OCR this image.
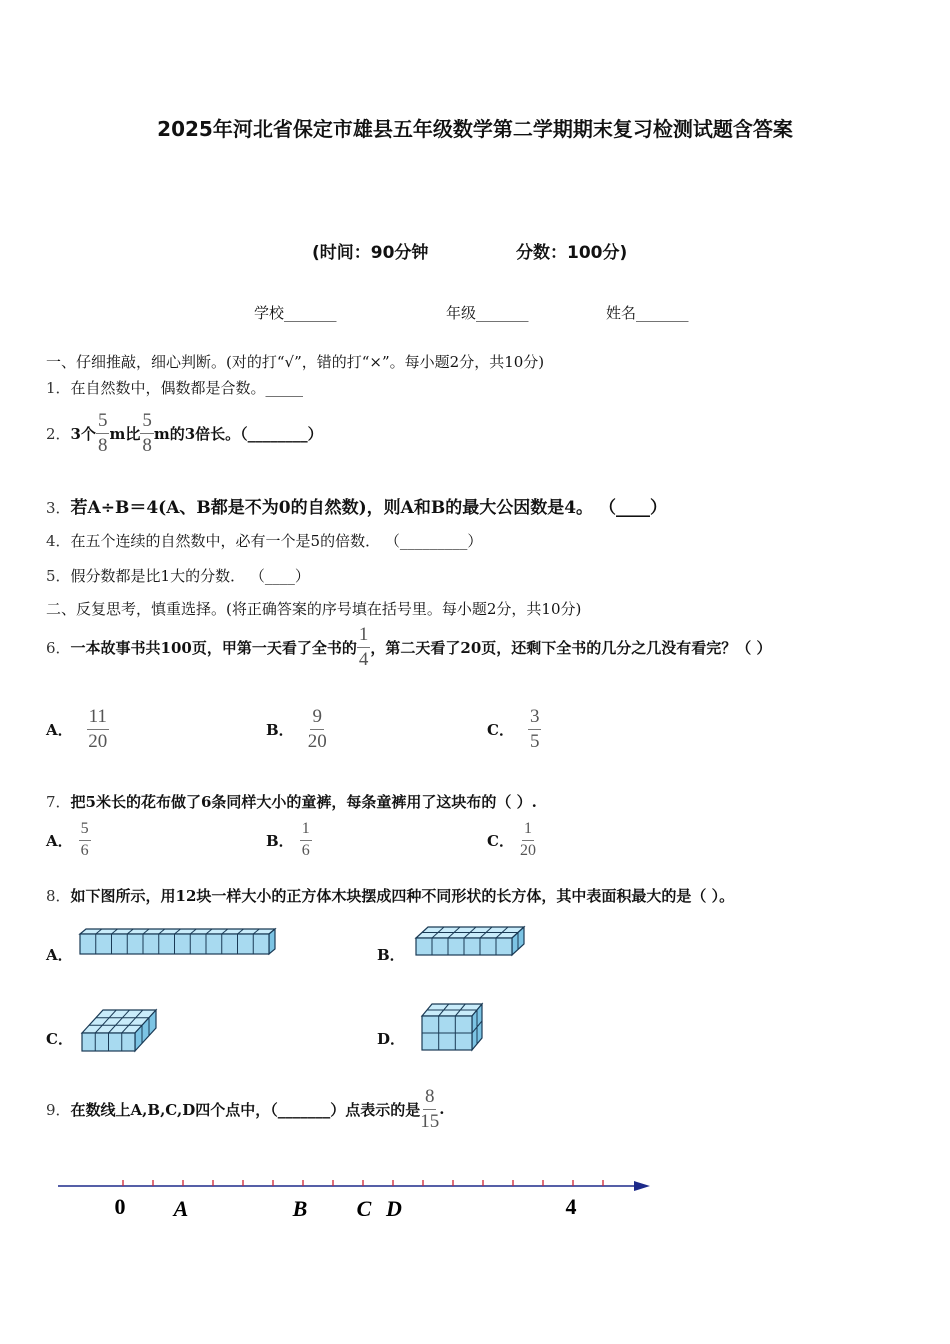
2025年河北省保定市雄县五年级数学第二学期期末复习检测试题含答案
(时间：90分钟	分数：100分)
学校_______	年级_______	姓名_______
一、仔细推敲，细心判断。(对的打“√”，错的打“×”。每小题2分，共10分)
1．在自然数中，偶数都是合数。_____
2． 3个 $\frac{5}{8}$ m比 $\frac{5}{8}$ m的3倍长。（________）
3．若A÷B＝4(A、B都是不为0的自然数)，则A和B的最大公因数是4。 （____）
4．在五个连续的自然数中，必有一个是5的倍数． （_________）
5．假分数都是比1大的分数． （____）
二、反复思考，慎重选择。(将正确答案的序号填在括号里。每小题2分，共10分)
6． 一本故事书共100页，甲第一天看了全书的 $\frac{1}{4}$ ，第二天看了20页，还剩下全书的几分之几没有看完？（ ）
A． $\frac{11}{20}$	B． $\frac{9}{20}$	C． $\frac{3}{5}$
7．把5米长的花布做了6条同样大小的童裤，每条童裤用了这块布的（ ）.
A． $\frac{5}{6}$	B． $\frac{1}{6}$	C． $\frac{1}{20}$
8．如下图所示，用12块一样大小的正方体木块摆成四种不同形状的长方体，其中表面积最大的是（ ）。
A．	B．
C．	D．
9． 在数线上A,B,C,D四个点中，（_______）点表示的是 $\frac{8}{15}$ .
0 A	B C D	4
